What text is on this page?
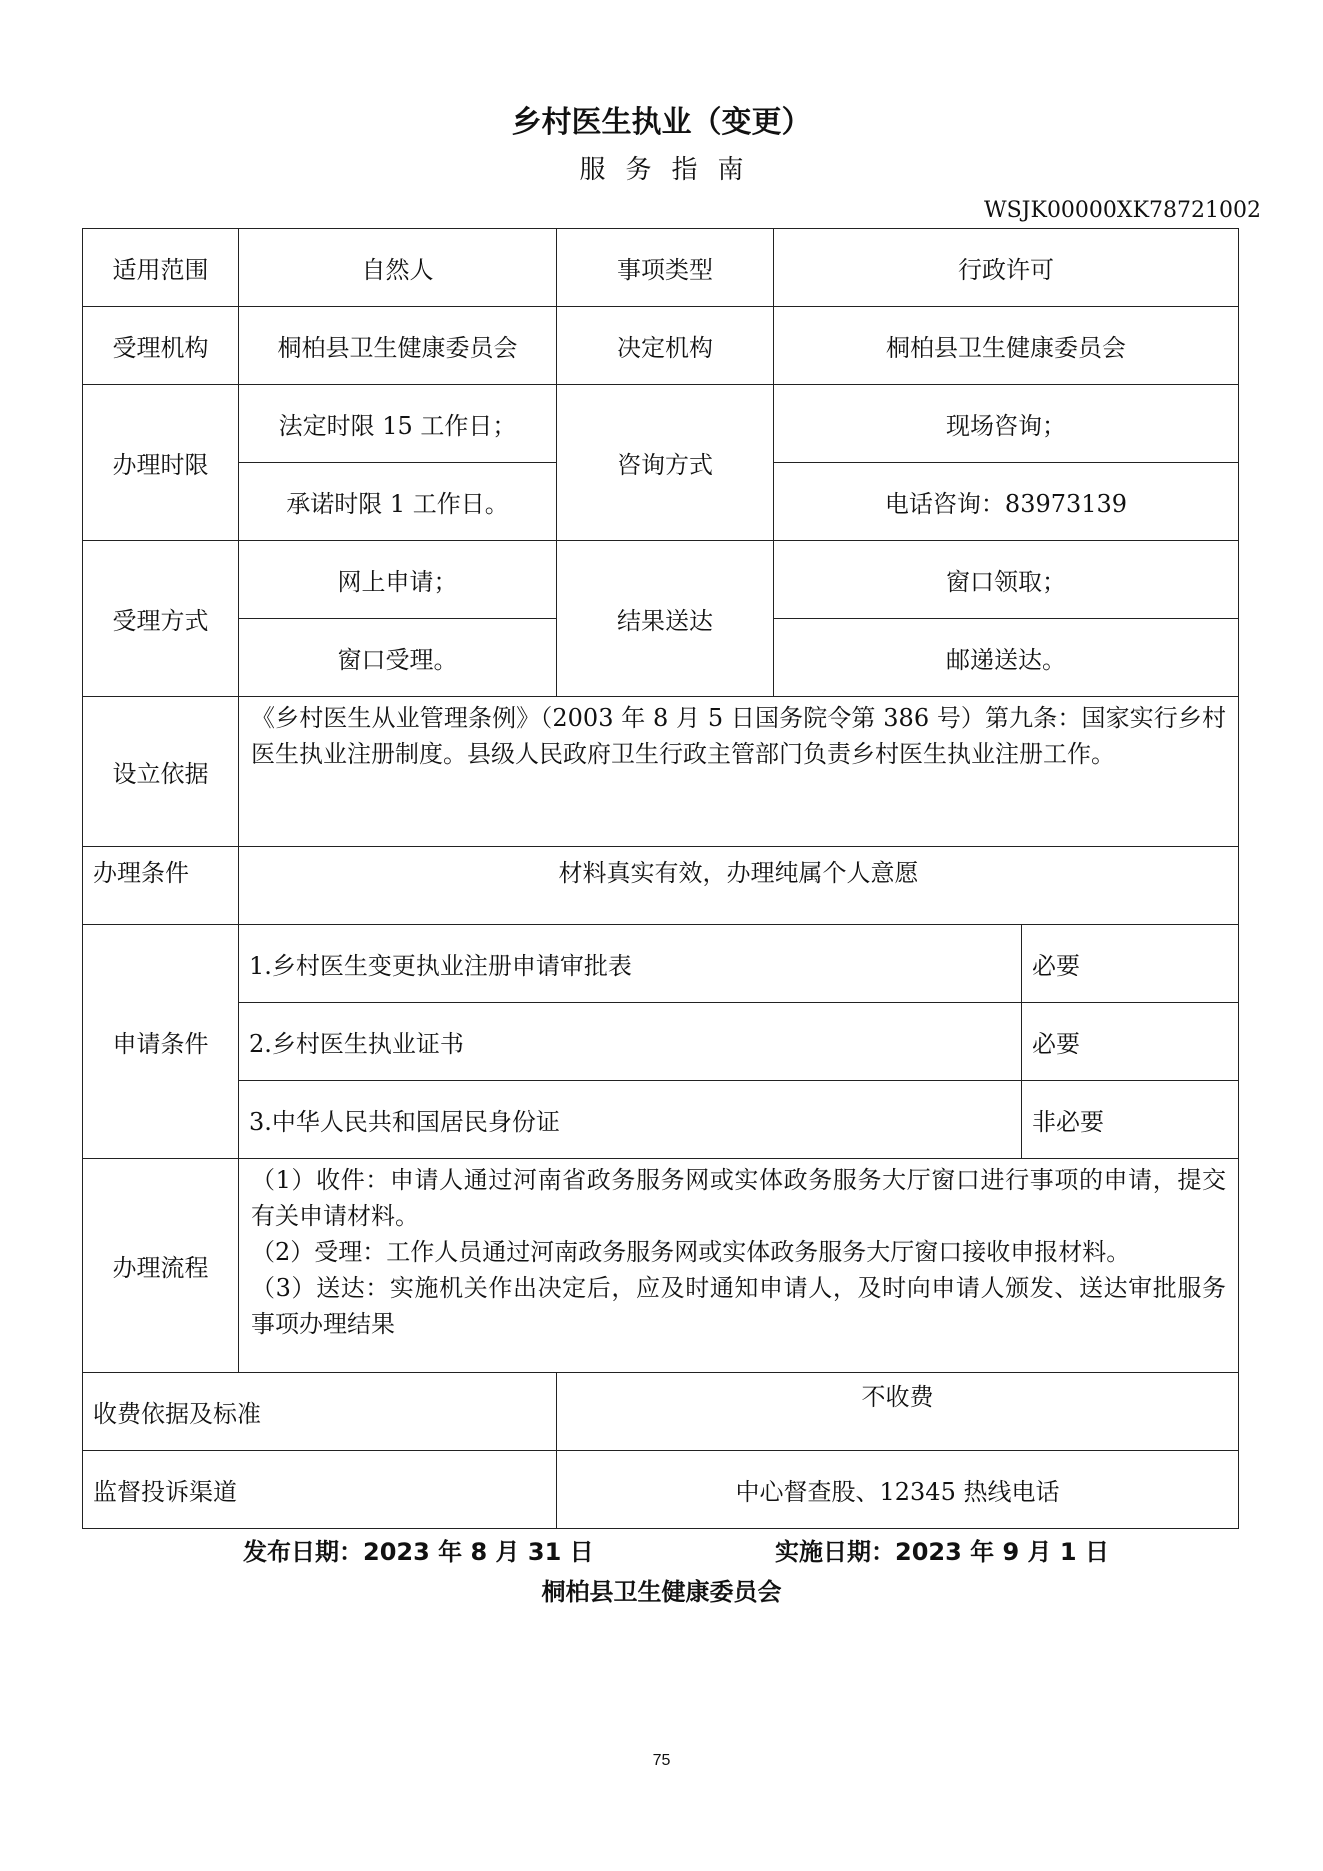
乡村医生执业（变更）
服务指南
WSJK00000XK78721002
适用范围	自然人	事项类型	行政许可	
受理机构	桐柏县卫生健康委员会	决定机构	桐柏县卫生健康委员会	
办理时限	法定时限 15 工作日；	咨询方式	现场咨询；	
	承诺时限 1 工作日。		电话咨询：83973139	
受理方式	网上申请；	结果送达	窗口领取；	
	窗口受理。		邮递送达。	
设立依据	《乡村医生从业管理条例》（2003 年 8 月 5 日国务院令第 386 号）第九条：国家实行乡村医生执业注册制度。县级人民政府卫生行政主管部门负责乡村医生执业注册工作。			
办理条件	材料真实有效，办理纯属个人意愿			
申请条件	1.乡村医生变更执业注册申请审批表			必要
	2.乡村医生执业证书			必要
	3.中华人民共和国居民身份证			非必要
办理流程	（1）收件：申请人通过河南省政务服务网或实体政务服务大厅窗口进行事项的申请，提交有关申请材料。
（2）受理：工作人员通过河南政务服务网或实体政务服务大厅窗口接收申报材料。
（3）送达：实施机关作出决定后，应及时通知申请人，及时向申请人颁发、送达审批服务事项办理结果			

收费依据及标准		不收费		
监督投诉渠道		中心督查股、12345 热线电话		
发布日期：2023 年 8 月 31 日	实施日期：2023 年 9 月 1 日
桐柏县卫生健康委员会
75
